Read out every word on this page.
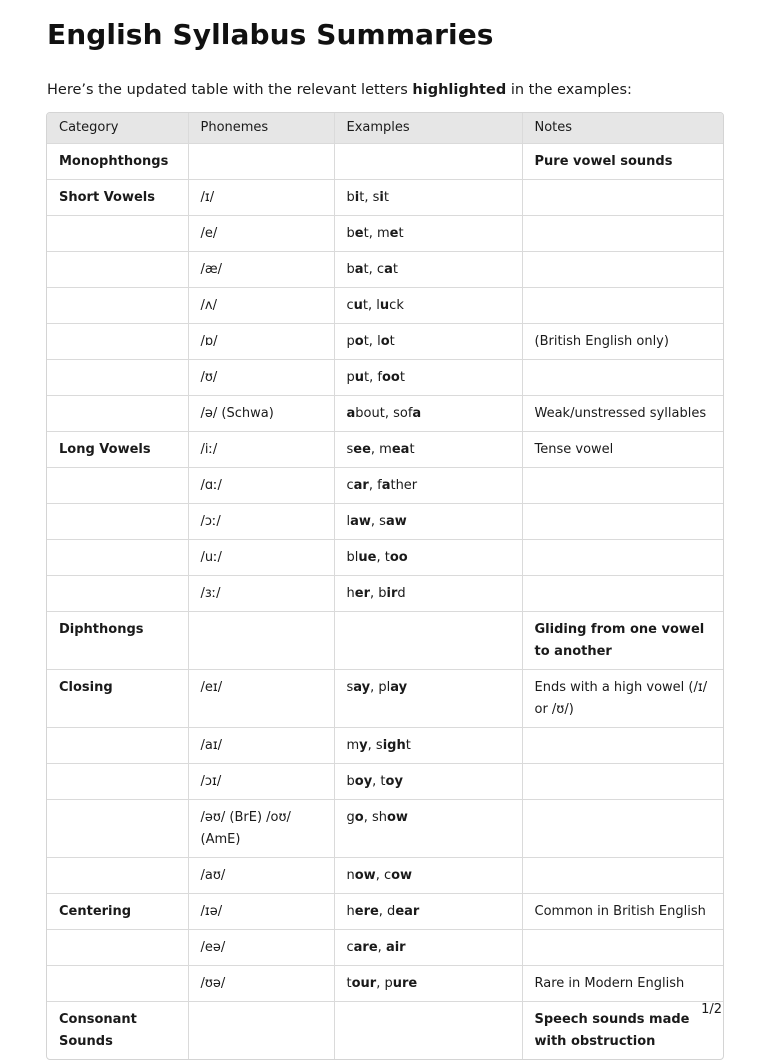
English Syllabus Summaries

Here’s the updated table with the relevant letters highlighted in the examples:

Category	Phonemes	Examples	Notes
Monophthongs			Pure vowel sounds
Short Vowels	/ɪ/	bit, sit	
	/e/	bet, met	
	/æ/	bat, cat	
	/ʌ/	cut, luck	
	/ɒ/	pot, lot	(British English only)
	/ʊ/	put, foot	
	/ə/ (Schwa)	about, sofa	Weak/unstressed syllables
Long Vowels	/iː/	see, meat	Tense vowel
	/ɑː/	car, father	
	/ɔː/	law, saw	
	/uː/	blue, too	
	/ɜː/	her, bird	
Diphthongs			Gliding from one vowel to another
Closing	/eɪ/	say, play	Ends with a high vowel (/ɪ/ or /ʊ/)
	/aɪ/	my, sight	
	/ɔɪ/	boy, toy	
	/əʊ/ (BrE) /oʊ/ (AmE)	go, show	
	/aʊ/	now, cow	
Centering	/ɪə/	here, dear	Common in British English
	/eə/	care, air	
	/ʊə/	tour, pure	Rare in Modern English
Consonant Sounds			Speech sounds made with obstruction
1/2
